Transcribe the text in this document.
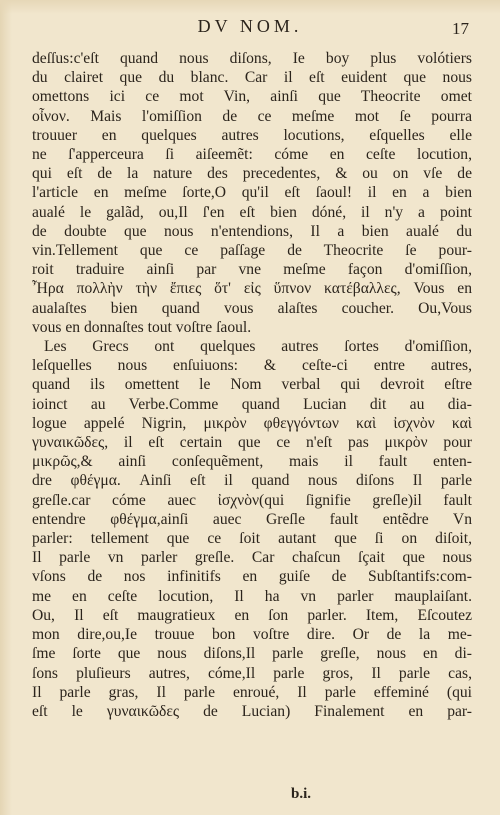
DV NOM.	17
deſſus:c'eſt quand nous diſons, Ie boy plus volótiers
du clairet que du blanc. Car il eſt euident que nous
omettons ici ce mot Vin, ainſi que Theocrite omet
οἶνον. Mais l'omiſſion de ce meſme mot ſe pourra
trouuer en quelques autres locutions, eſquelles elle
ne ſ'apperceura ſi aiſeemẽt: cóme en ceſte locution,
qui eſt de la nature des precedentes, & ou on vſe de
l'article en meſme ſorte,O qu'il eſt ſaoul! il en a bien
aualé le galãd, ou,Il ſ'en eſt bien dóné, il n'y a point
de doubte que nous n'entendions, Il a bien aualé du
vin.Tellement que ce paſſage de Theocrite ſe pour-
roit traduire ainſi par vne meſme façon d'omiſſion,
Ἦρα πολλὴν τὴν ἔπιες ὅτ' εἰς ὕπνον κατέβαλλες, Vous en
aualaſtes bien quand vous alaſtes coucher. Ou,Vous
vous en donnaſtes tout voſtre ſaoul.
Les Grecs ont quelques autres ſortes d'omiſſion,
leſquelles nous enſuiuons: & ceſte-ci entre autres,
quand ils omettent le Nom verbal qui devroit eſtre
ioinct au Verbe.Comme quand Lucian dit au dia-
logue appelé Nigrin, μικρὸν φθεγγόντων καὶ ἰσχνὸν καὶ
γυναικῶδες, il eſt certain que ce n'eſt pas μικρὸν pour
μικρῶς,& ainſi conſequẽment, mais il fault enten-
dre φθέγμα. Ainſi eſt il quand nous diſons Il parle
greſle.car cóme auec ἰσχνὸν(qui ſignifie greſle)il fault
entendre φθέγμα,ainſi auec Greſle fault entẽdre Vn
parler: tellement que ce ſoit autant que ſi on diſoit,
Il parle vn parler greſle. Car chaſcun ſçait que nous
vſons de nos infinitifs en guiſe de Subſtantifs:com-
me en ceſte locution, Il ha vn parler mauplaiſant.
Ou, Il eſt maugratieux en ſon parler. Item, Eſcoutez
mon dire,ou,Ie trouue bon voſtre dire. Or de la me-
ſme ſorte que nous diſons,Il parle greſle, nous en di-
ſons pluſieurs autres, cóme,Il parle gros, Il parle cas,
Il parle gras, Il parle enroué, Il parle effeminé (qui
eſt le γυναικῶδες de Lucian) Finalement en par-
b.i.
